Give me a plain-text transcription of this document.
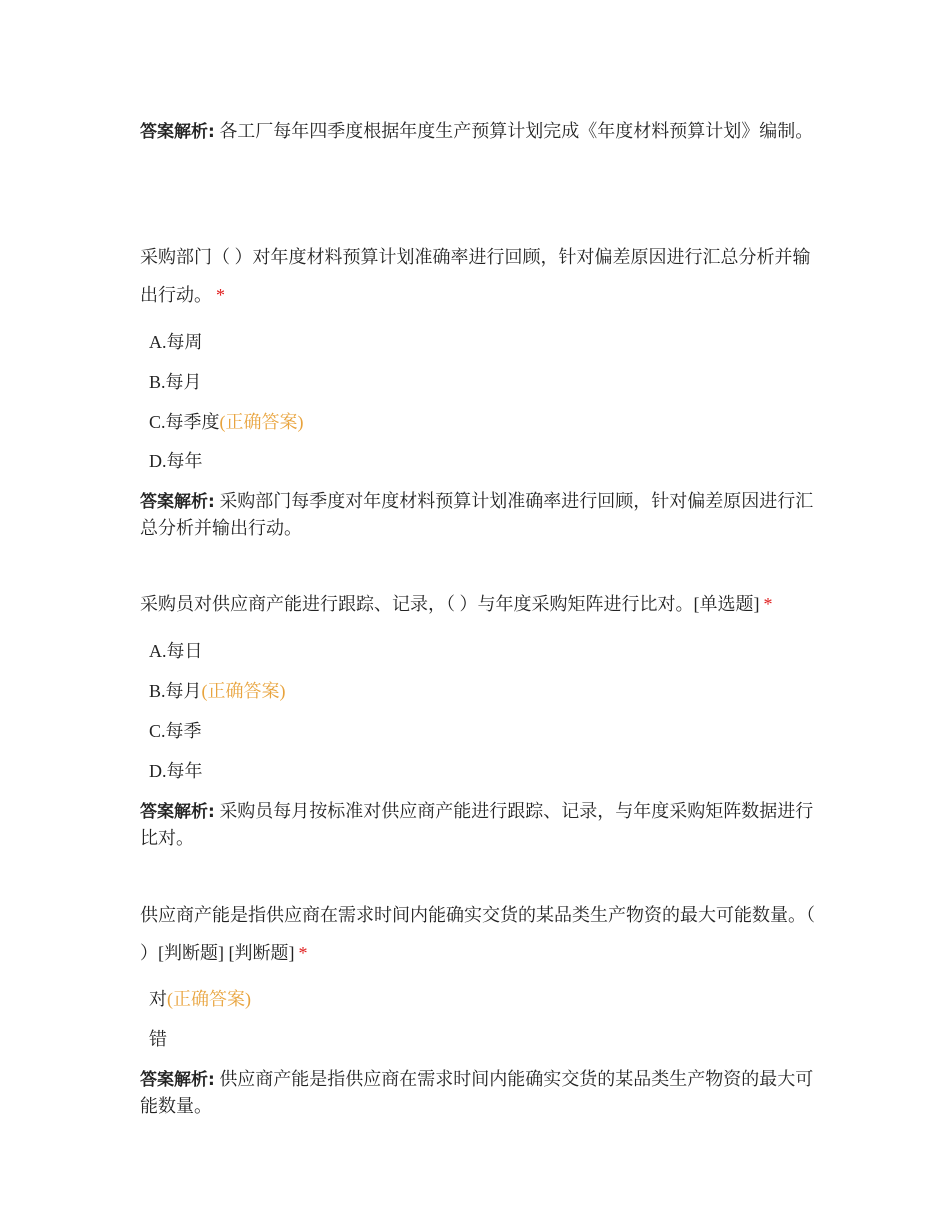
答案解析: 各工厂每年四季度根据年度生产预算计划完成《年度材料预算计划》编制。
采购部门（ ）对年度材料预算计划准确率进行回顾，针对偏差原因进行汇总分析并输出行动。 *
A.每周
B.每月
C.每季度(正确答案)
D.每年
答案解析: 采购部门每季度对年度材料预算计划准确率进行回顾，针对偏差原因进行汇总分析并输出行动。
采购员对供应商产能进行跟踪、记录，（ ）与年度采购矩阵进行比对。[单选题] *
A.每日
B.每月(正确答案)
C.每季
D.每年
答案解析: 采购员每月按标准对供应商产能进行跟踪、记录，与年度采购矩阵数据进行比对。
供应商产能是指供应商在需求时间内能确实交货的某品类生产物资的最大可能数量。（ ）[判断题] [判断题] *
对(正确答案)
错
答案解析: 供应商产能是指供应商在需求时间内能确实交货的某品类生产物资的最大可能数量。
